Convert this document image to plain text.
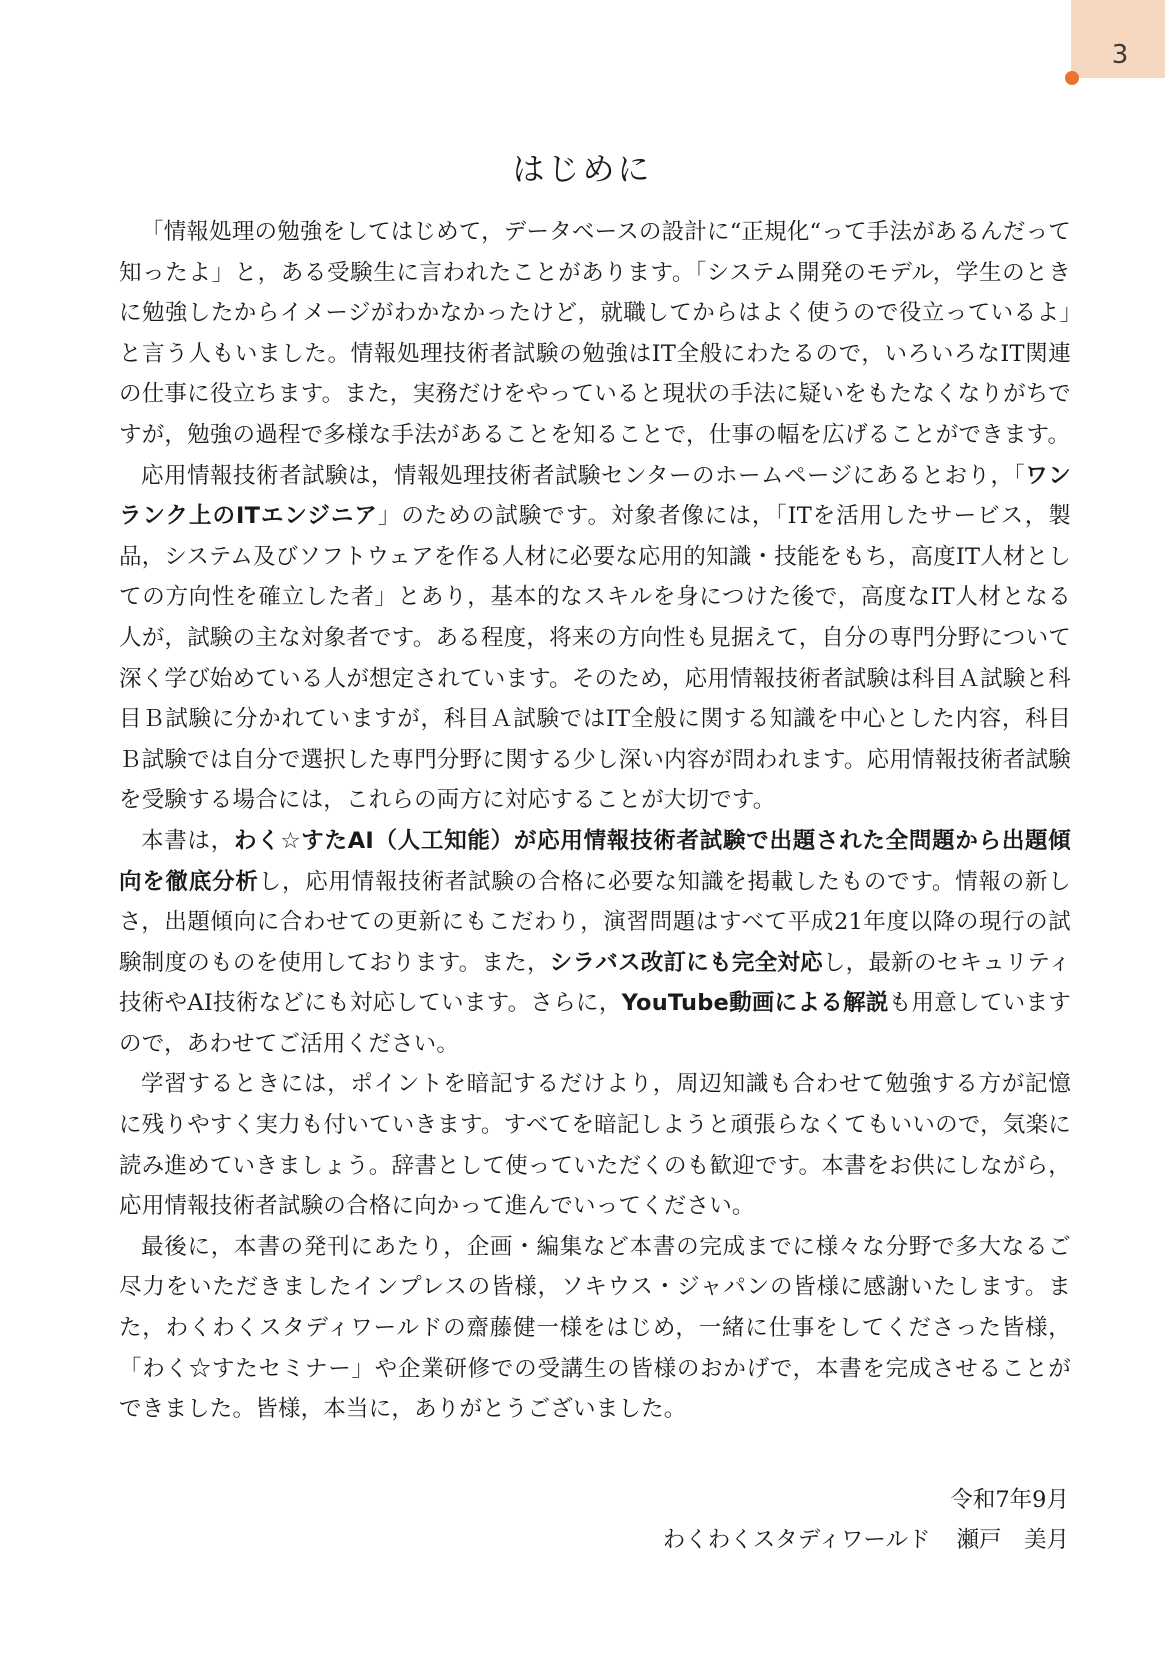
3
はじめに

「情報処理の勉強をしてはじめて，データベースの設計に“正規化“って手法があるんだって知ったよ」と，ある受験生に言われたことがあります。「システム開発のモデル，学生のときに勉強したからイメージがわかなかったけど，就職してからはよく使うので役立っているよ」と言う人もいました。情報処理技術者試験の勉強はIT全般にわたるので，いろいろなIT関連の仕事に役立ちます。また，実務だけをやっていると現状の手法に疑いをもたなくなりがちですが，勉強の過程で多様な手法があることを知ることで，仕事の幅を広げることができます。

応用情報技術者試験は，情報処理技術者試験センターのホームページにあるとおり，「ワンランク上のITエンジニア」のための試験です。対象者像には，「ITを活用したサービス，製品，システム及びソフトウェアを作る人材に必要な応用的知識・技能をもち，高度IT人材としての方向性を確立した者」とあり，基本的なスキルを身につけた後で，高度なIT人材となる人が，試験の主な対象者です。ある程度，将来の方向性も見据えて，自分の専門分野について深く学び始めている人が想定されています。そのため，応用情報技術者試験は科目Ａ試験と科目Ｂ試験に分かれていますが，科目Ａ試験ではIT全般に関する知識を中心とした内容，科目Ｂ試験では自分で選択した専門分野に関する少し深い内容が問われます。応用情報技術者試験を受験する場合には，これらの両方に対応することが大切です。

本書は，わく☆すたAI（人工知能）が応用情報技術者試験で出題された全問題から出題傾向を徹底分析し，応用情報技術者試験の合格に必要な知識を掲載したものです。情報の新しさ，出題傾向に合わせての更新にもこだわり，演習問題はすべて平成21年度以降の現行の試験制度のものを使用しております。また，シラバス改訂にも完全対応し，最新のセキュリティ技術やAI技術などにも対応しています。さらに，YouTube動画による解説も用意していますので，あわせてご活用ください。

学習するときには，ポイントを暗記するだけより，周辺知識も合わせて勉強する方が記憶に残りやすく実力も付いていきます。すべてを暗記しようと頑張らなくてもいいので，気楽に読み進めていきましょう。辞書として使っていただくのも歓迎です。本書をお供にしながら，応用情報技術者試験の合格に向かって進んでいってください。

最後に，本書の発刊にあたり，企画・編集など本書の完成までに様々な分野で多大なるご尽力をいただきましたインプレスの皆様，ソキウス・ジャパンの皆様に感謝いたします。また，わくわくスタディワールドの齋藤健一様をはじめ，一緒に仕事をしてくださった皆様，「わく☆すたセミナー」や企業研修での受講生の皆様のおかげで，本書を完成させることができました。皆様，本当に，ありがとうございました。

令和7年9月
わくわくスタディワールド 瀬戸　美月
